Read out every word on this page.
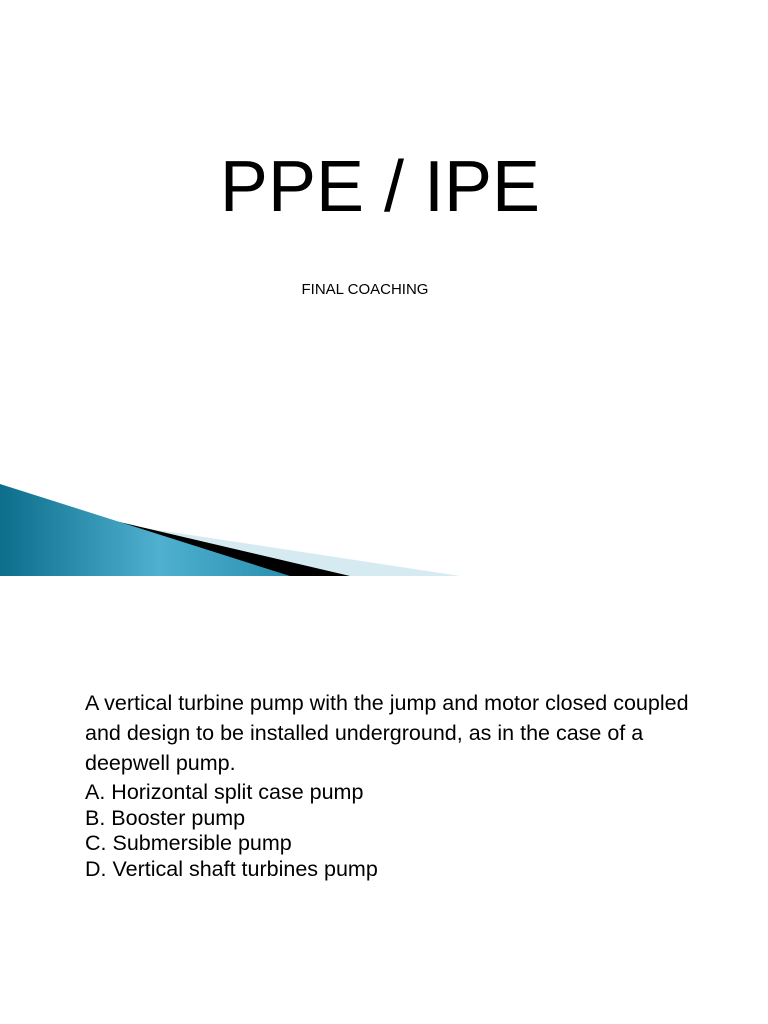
PPE / IPE
FINAL COACHING

A vertical turbine pump with the jump and motor closed coupled and design to be installed underground, as in the case of a deepwell pump.

A. Horizontal split case pump
B. Booster pump
C. Submersible pump
D. Vertical shaft turbines pump
